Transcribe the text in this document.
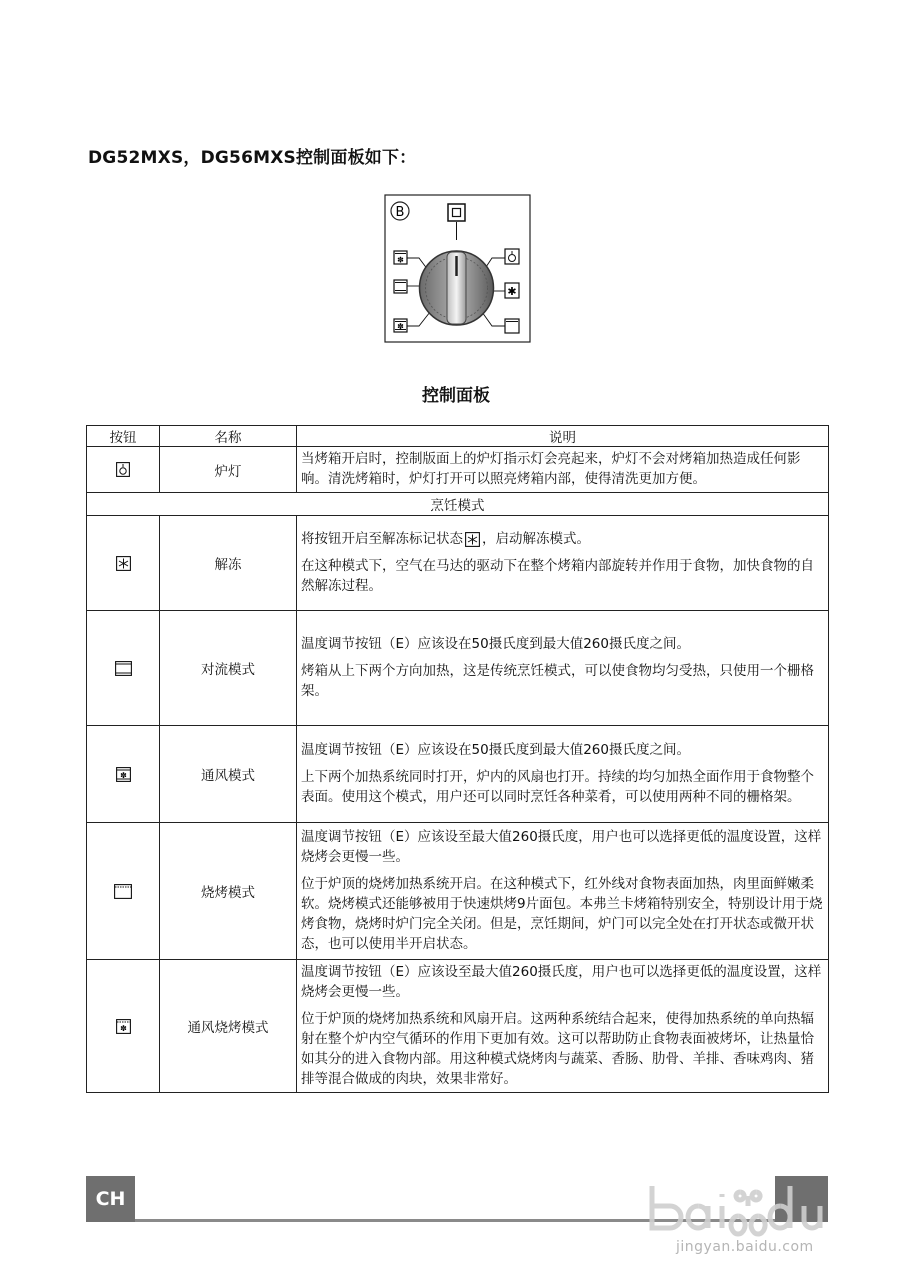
DG52MXS，DG56MXS控制面板如下：
B
✽
✽
✱
控制面板
按钮	名称	说明
	炉灯	当烤箱开启时，控制版面上的炉灯指示灯会亮起来，炉灯不会对烤箱加热造成任何影响。清洗烤箱时，炉灯打开可以照亮烤箱内部，使得清洗更加方便。

烹饪模式		
	解冻	将按钮开启至解冻标记状态 ，启动解冻模式。

在这种模式下，空气在马达的驱动下在整个烤箱内部旋转并作用于食物，加快食物的自然解冻过程。

	对流模式	温度调节按钮（E）应该设在50摄氏度到最大值260摄氏度之间。

烤箱从上下两个方向加热，这是传统烹饪模式，可以使食物均匀受热，只使用一个栅格架。

✽	通风模式	温度调节按钮（E）应该设在50摄氏度到最大值260摄氏度之间。

上下两个加热系统同时打开，炉内的风扇也打开。持续的均匀加热全面作用于食物整个表面。使用这个模式，用户还可以同时烹饪各种菜肴，可以使用两种不同的栅格架。

	烧烤模式	温度调节按钮（E）应该设至最大值260摄氏度，用户也可以选择更低的温度设置，这样烧烤会更慢一些。

位于炉顶的烧烤加热系统开启。在这种模式下，红外线对食物表面加热，肉里面鲜嫩柔软。烧烤模式还能够被用于快速烘烤9片面包。本弗兰卡烤箱特别安全，特别设计用于烧烤食物，烧烤时炉门完全关闭。但是，烹饪期间，炉门可以完全处在打开状态或微开状态，也可以使用半开启状态。

✽	通风烧烤模式	温度调节按钮（E）应该设至最大值260摄氏度，用户也可以选择更低的温度设置，这样烧烤会更慢一些。

位于炉顶的烧烤加热系统和风扇开启。这两种系统结合起来，使得加热系统的单向热辐射在整个炉内空气循环的作用下更加有效。这可以帮助防止食物表面被烤坏，让热量恰如其分的进入食物内部。用这种模式烧烤肉与蔬菜、香肠、肋骨、羊排、香味鸡肉、猪排等混合做成的肉块，效果非常好。

CH
jingyan.baidu.com
